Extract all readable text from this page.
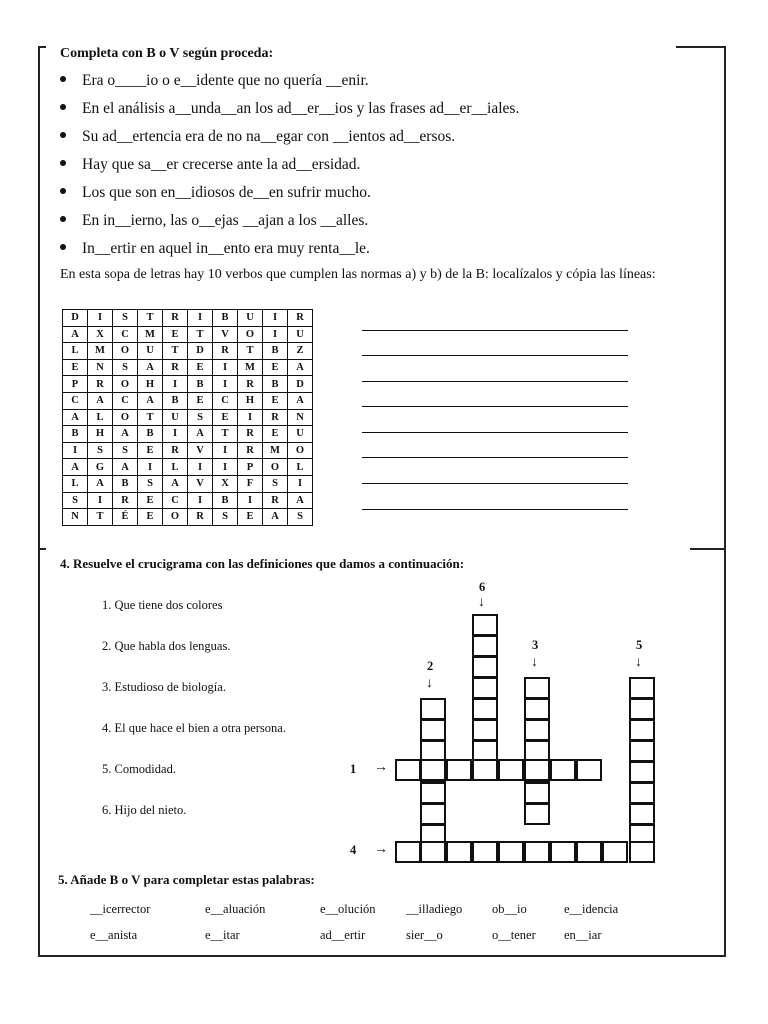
Completa con B o V según proceda:
Era o____io o e__idente que no quería __enir.
En el análisis a__unda__an los ad__er__ios y las frases ad__er__iales.
Su ad__ertencia era de no na__egar con __ientos ad__ersos.
Hay que sa__er crecerse ante la ad__ersidad.
Los que son en__idiosos de__en sufrir mucho.
En in__ierno, las o__ejas __ajan a los __alles.
In__ertir en aquel in__ento era muy renta__le.
En esta sopa de letras hay 10 verbos que cumplen las normas a) y b) de la B: localízalos y cópia las líneas:
D	I	S	T	R	I	B	U	I	R
A	X	C	M	E	T	V	O	I	U
L	M	O	U	T	D	R	T	B	Z
E	N	S	A	R	E	I	M	E	A
P	R	O	H	I	B	I	R	B	D
C	A	C	A	B	E	C	H	E	A
A	L	O	T	U	S	E	I	R	N
B	H	A	B	I	A	T	R	E	U
I	S	S	E	R	V	I	R	M	O
A	G	A	I	L	I	I	P	O	L
L	A	B	S	A	V	X	F	S	I
S	I	R	E	C	I	B	I	R	A
N	T	É	E	O	R	S	E	A	S
4. Resuelve el crucigrama con las definiciones que damos a continuación:
1. Que tiene dos colores
2. Que habla dos lenguas.
3. Estudioso de biología.
4. El que hace el bien a otra persona.
5. Comodidad.
6. Hijo del nieto.
6
↓
2
↓
3
↓
5
↓
1 →
4 →
5. Añade B o V para completar estas palabras:
__icerrector	e__aluación	e__olución __illadiego ob__io	e__idencia
e__anista	e__itar	ad__ertir	sier__o	o__tener en__iar
